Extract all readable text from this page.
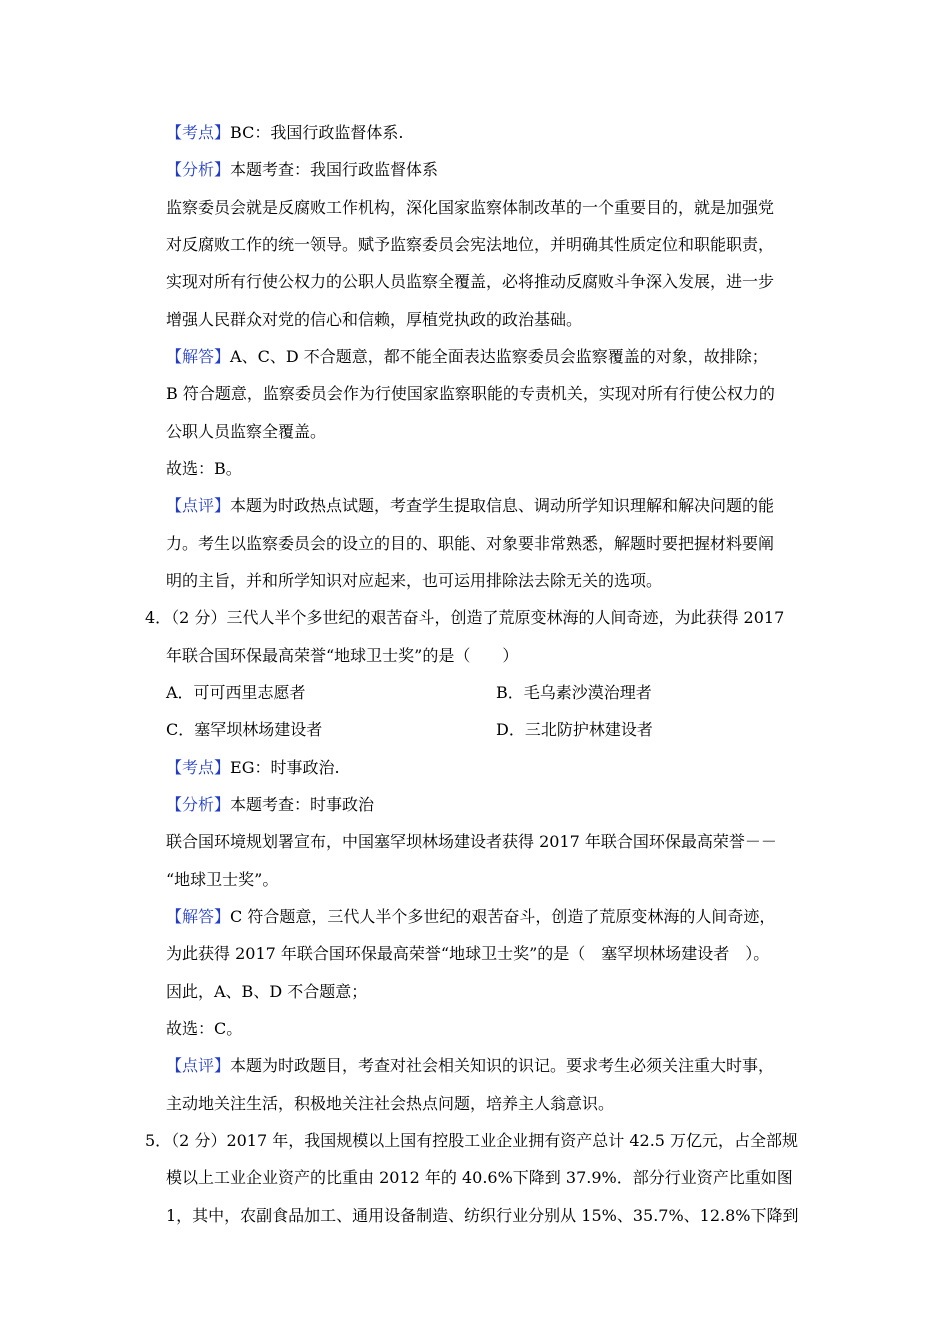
【考点】BC：我国行政监督体系.
【分析】本题考查：我国行政监督体系
监察委员会就是反腐败工作机构，深化国家监察体制改革的一个重要目的，就是加强党
对反腐败工作的统一领导。赋予监察委员会宪法地位，并明确其性质定位和职能职责，
实现对所有行使公权力的公职人员监察全覆盖，必将推动反腐败斗争深入发展，进一步
增强人民群众对党的信心和信赖，厚植党执政的政治基础。
【解答】A、C、D 不合题意，都不能全面表达监察委员会监察覆盖的对象，故排除；
B 符合题意，监察委员会作为行使国家监察职能的专责机关，实现对所有行使公权力的
公职人员监察全覆盖。
故选：B。
【点评】本题为时政热点试题，考查学生提取信息、调动所学知识理解和解决问题的能
力。考生以监察委员会的设立的目的、职能、对象要非常熟悉，解题时要把握材料要阐
明的主旨，并和所学知识对应起来，也可运用排除法去除无关的选项。
4．（2 分）三代人半个多世纪的艰苦奋斗，创造了荒原变林海的人间奇迹，为此获得 2017
年联合国环保最高荣誉“地球卫士奖”的是（　　）
A．可可西里志愿者	B．毛乌素沙漠治理者
C．塞罕坝林场建设者	D．三北防护林建设者
【考点】EG：时事政治.
【分析】本题考查：时事政治
联合国环境规划署宣布，中国塞罕坝林场建设者获得 2017 年联合国环保最高荣誉－－
“地球卫士奖”。
【解答】C 符合题意，三代人半个多世纪的艰苦奋斗，创造了荒原变林海的人间奇迹，
为此获得 2017 年联合国环保最高荣誉“地球卫士奖”的是（　塞罕坝林场建设者　）。
因此，A、B、D 不合题意；
故选：C。
【点评】本题为时政题目，考查对社会相关知识的识记。要求考生必须关注重大时事，
主动地关注生活，积极地关注社会热点问题，培养主人翁意识。
5．（2 分）2017 年，我国规模以上国有控股工业企业拥有资产总计 42.5 万亿元，占全部规
模以上工业企业资产的比重由 2012 年的 40.6%下降到 37.9%．部分行业资产比重如图
1，其中，农副食品加工、通用设备制造、纺织行业分别从 15%、35.7%、12.8%下降到
